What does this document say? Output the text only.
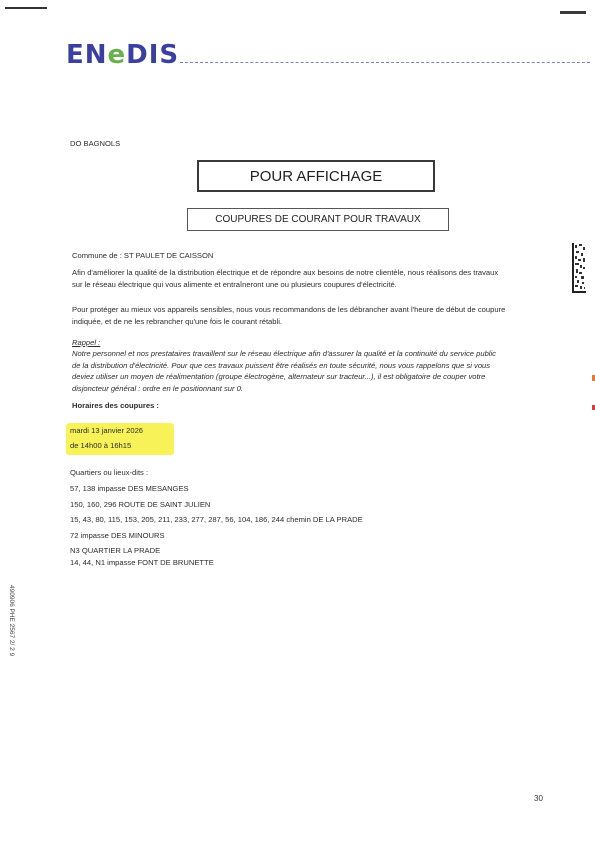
ENeDIS
DO BAGNOLS
POUR AFFICHAGE
COUPURES DE COURANT POUR TRAVAUX
Commune de : ST PAULET DE CAISSON
Afin d'améliorer la qualité de la distribution électrique et de répondre aux besoins de notre clientèle, nous réalisons des travaux
sur le réseau électrique qui vous alimente et entraîneront une ou plusieurs coupures d'électricité.
Pour protéger au mieux vos appareils sensibles, nous vous recommandons de les débrancher avant l'heure de début de coupure
indiquée, et de ne les rebrancher qu'une fois le courant rétabli.
Rappel :
Notre personnel et nos prestataires travaillent sur le réseau électrique afin d'assurer la qualité et la continuité du service public
de la distribution d'électricité. Pour que ces travaux puissent être réalisés en toute sécurité, nous vous rappelons que si vous
deviez utiliser un moyen de réalimentation (groupe électrogène, alternateur sur tracteur...), il est obligatoire de couper votre
disjoncteur général : ordre en le positionnant sur 0.
Horaires des coupures :
mardi 13 janvier 2026
de 14h00 à 16h15
Quartiers ou lieux-dits :
57, 138 impasse DES MESANGES
150, 160, 296 ROUTE DE SAINT JULIEN
15, 43, 80, 115, 153, 205, 211, 233, 277, 287, 56, 104, 186, 244 chemin DE LA PRADE
72 impasse DES MINOURS
N3 QUARTIER LA PRADE
14, 44, N1 impasse FONT DE BRUNETTE
490906 PHE 2567 2/ 2 9
30
